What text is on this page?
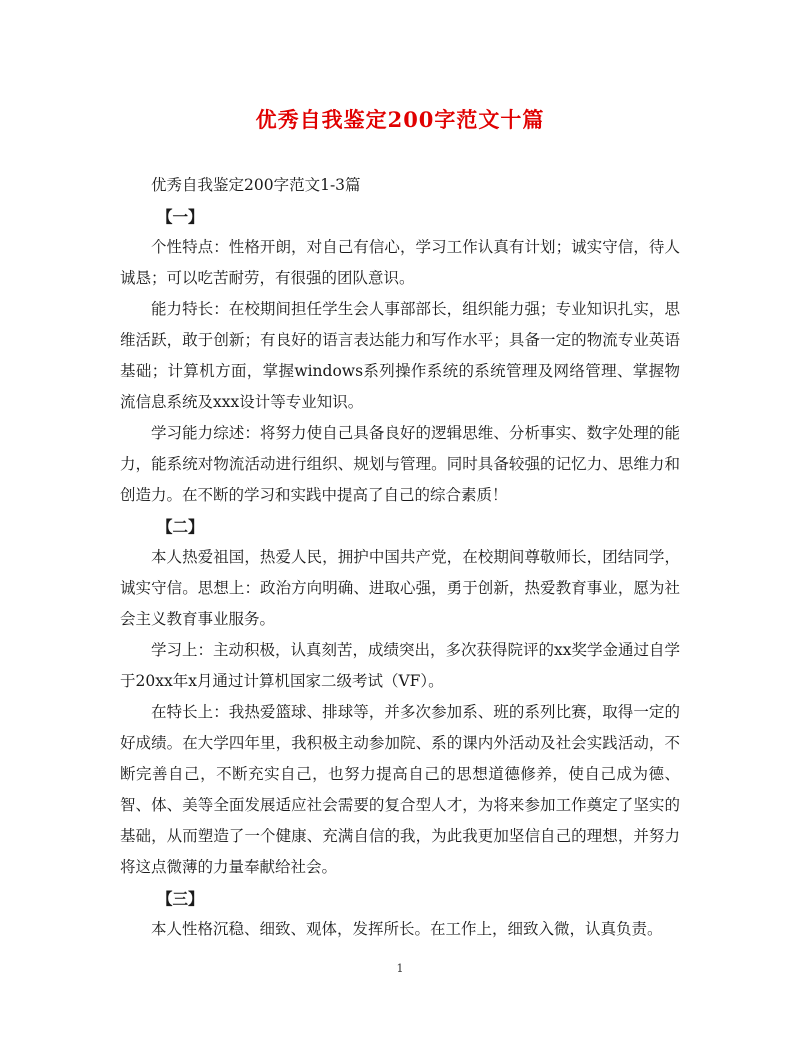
优秀自我鉴定200字范文十篇

优秀自我鉴定200字范文1-3篇

【一】

个性特点：性格开朗，对自己有信心，学习工作认真有计划；诚实守信，待人诚恳；可以吃苦耐劳，有很强的团队意识。

能力特长：在校期间担任学生会人事部部长，组织能力强；专业知识扎实，思维活跃，敢于创新；有良好的语言表达能力和写作水平；具备一定的物流专业英语基础；计算机方面，掌握windows系列操作系统的系统管理及网络管理、掌握物流信息系统及xxx设计等专业知识。

学习能力综述：将努力使自己具备良好的逻辑思维、分析事实、数字处理的能力，能系统对物流活动进行组织、规划与管理。同时具备较强的记忆力、思维力和创造力。在不断的学习和实践中提高了自己的综合素质！

【二】

本人热爱祖国，热爱人民，拥护中国共产党，在校期间尊敬师长，团结同学，诚实守信。思想上：政治方向明确、进取心强，勇于创新，热爱教育事业，愿为社会主义教育事业服务。

学习上：主动积极，认真刻苦，成绩突出，多次获得院评的xx奖学金通过自学于20xx年x月通过计算机国家二级考试（VF）。

在特长上：我热爱篮球、排球等，并多次参加系、班的系列比赛，取得一定的好成绩。在大学四年里，我积极主动参加院、系的课内外活动及社会实践活动，不断完善自己，不断充实自己，也努力提高自己的思想道德修养，使自己成为德、智、体、美等全面发展适应社会需要的复合型人才，为将来参加工作奠定了坚实的基础，从而塑造了一个健康、充满自信的我，为此我更加坚信自己的理想，并努力将这点微薄的力量奉献给社会。

【三】

本人性格沉稳、细致、观体，发挥所长。在工作上，细致入微，认真负责。

1
